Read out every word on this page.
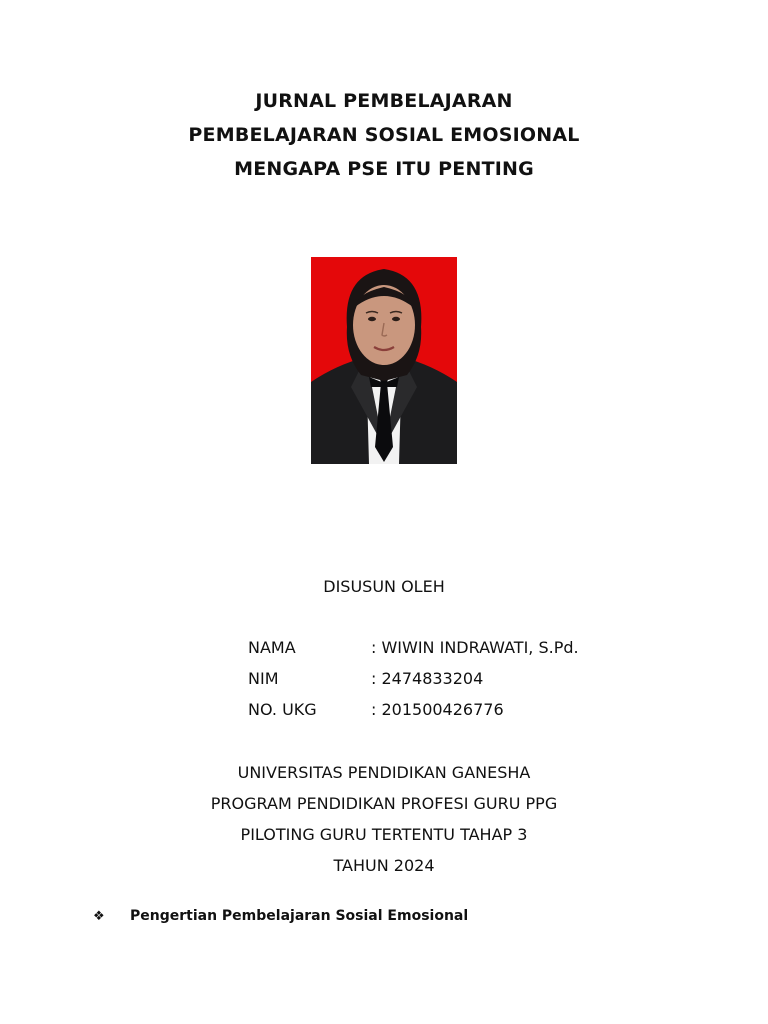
JURNAL PEMBELAJARAN
PEMBELAJARAN SOSIAL EMOSIONAL
MENGAPA PSE ITU PENTING
DISUSUN OLEH
NAMA	: WIWIN INDRAWATI, S.Pd.
NIM	: 2474833204
NO. UKG	: 201500426776
UNIVERSITAS PENDIDIKAN GANESHA
PROGRAM PENDIDIKAN PROFESI GURU PPG
PILOTING GURU TERTENTU TAHAP 3
TAHUN 2024
❖	Pengertian Pembelajaran Sosial Emosional
